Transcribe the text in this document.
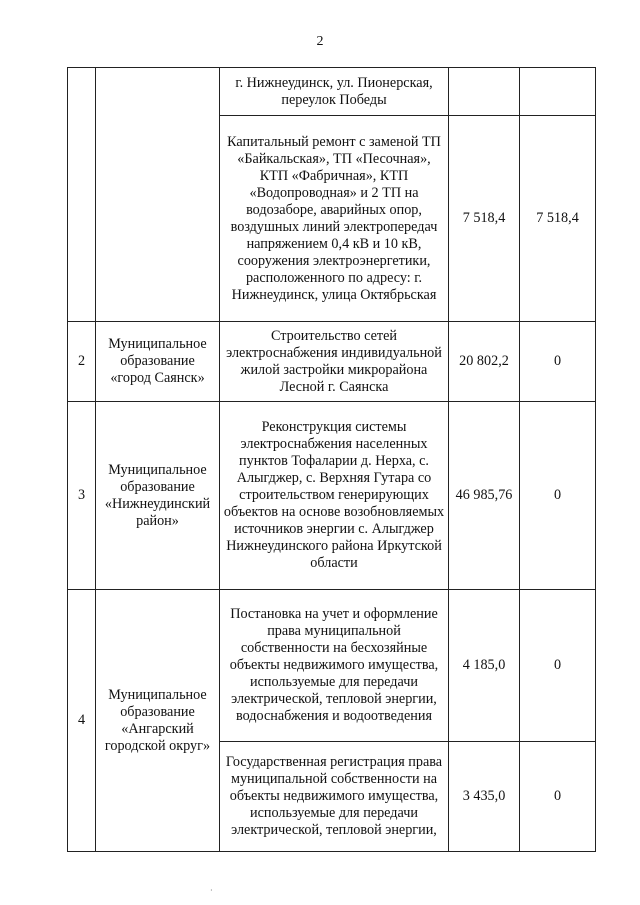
2
		г. Нижнеудинск, ул. Пионерская, переулок Победы		
		Капитальный ремонт с заменой ТП «Байкальская», ТП «Песочная», КТП «Фабричная», КТП «Водопроводная» и 2 ТП на водозаборе, аварийных опор, воздушных линий электропередач напряжением 0,4 кВ и 10 кВ, сооружения электроэнергетики, расположенного по адресу: г. Нижнеудинск, улица Октябрьская	7 518,4	7 518,4
2	Муниципальное образование «город Саянск»	Строительство сетей электроснабжения индивидуальной жилой застройки микрорайона Лесной г. Саянска	20 802,2	0
3	Муниципальное образование «Нижнеудинский район»	Реконструкция системы электроснабжения населенных пунктов Тофаларии д. Нерха, с. Алыгджер, с. Верхняя Гутара со строительством генерирующих объектов на основе возобновляемых источников энергии с. Алыгджер Нижнеудинского района Иркутской области	46 985,76	0
4	Муниципальное образование «Ангарский городской округ»	Постановка на учет и оформление права муниципальной собственности на бесхозяйные объекты недвижимого имущества, используемые для передачи электрической, тепловой энергии, водоснабжения и водоотведения	4 185,0	0
		Государственная регистрация права муниципальной собственности на объекты недвижимого имущества, используемые для передачи электрической, тепловой энергии,	3 435,0	0
·
